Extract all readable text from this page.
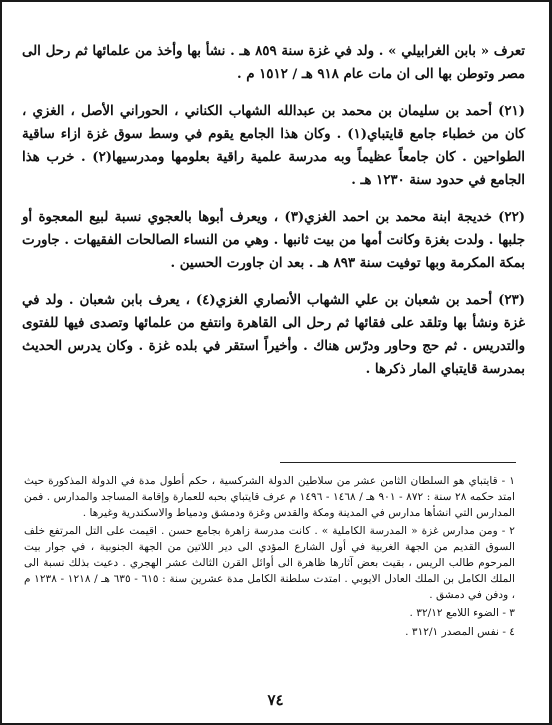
تعرف « بابن الغرابيلي » . ولد في غزة سنة ٨٥٩ هـ . نشأ بها وأخذ من علمائها ثم رحل الى مصر وتوطن بها الى ان مات عام ٩١٨ هـ / ١٥١٢ م .

(٢١) أحمد بن سليمان بن محمد بن عبدالله الشهاب الكناني ، الحوراني الأصل ، الغزي ، كان من خطباء جامع قايتباي(١) . وكان هذا الجامع يقوم في وسط سوق غزة ازاء ساقية الطواحين . كان جامعاً عظيماً وبه مدرسة علمية راقية بعلومها ومدرسيها(٢) . خرب هذا الجامع في حدود سنة ١٢٣٠ هـ .

(٢٢) خديجة ابنة محمد بن احمد الغزي(٣) ، ويعرف أبوها بالعجوي نسبة لبيع المعجوة أو جلبها . ولدت بغزة وكانت أمها من بيت ثانبها . وهي من النساء الصالحات الفقيهات . جاورت بمكة المكرمة وبها توفيت سنة ٨٩٣ هـ . بعد ان جاورت الحسين .

(٢٣) أحمد بن شعبان بن علي الشهاب الأنصاري الغزي(٤) ، يعرف بابن شعبان . ولد في غزة ونشأ بها وتلقد على فقائها ثم رحل الى القاهرة وانتفع من علمائها وتصدى فيها للفتوى والتدريس . ثم حج وحاور ودرّس هناك . وأخيراً استقر في بلده غزة . وكان يدرس الحديث بمدرسة قايتباي المار ذكرها .

١ - قايتباي هو السلطان الثامن عشر من سلاطين الدولة الشركسية ، حكم أطول مدة في الدولة المذكورة حيث امتد حكمه ٢٨ سنة : ٨٧٢ - ٩٠١ هـ / ١٤٦٨ - ١٤٩٦ م عرف قايتباي بحبه للعمارة وإقامة المساجد والمدارس . فمن المدارس التي انشأها مدارس في المدينة ومكة والقدس وغزة ودمشق ودمياط والاسكندرية وغيرها .

٢ - ومن مدارس غزة « المدرسة الكاملية » . كانت مدرسة زاهرة بجامع حسن . اقيمت على التل المرتفع خلف السوق القديم من الجهة الغربية في أول الشارع المؤدي الى دير اللاتين من الجهة الجنوبية ، في جوار بيت المرحوم طالب الريس ، بقيت بعض آثارها ظاهرة الى أوائل القرن الثالث عشر الهجري . دعيت بذلك نسبة الى الملك الكامل بن الملك العادل الايوبي . امتدت سلطنة الكامل مدة عشرين سنة : ٦١٥ - ٦٣٥ هـ / ١٢١٨ - ١٢٣٨ م ، ودفن في دمشق .

٣ - الضوء اللامع ٣٢/١٢ .

٤ - نفس المصدر ٣١٢/١ .

٧٤
